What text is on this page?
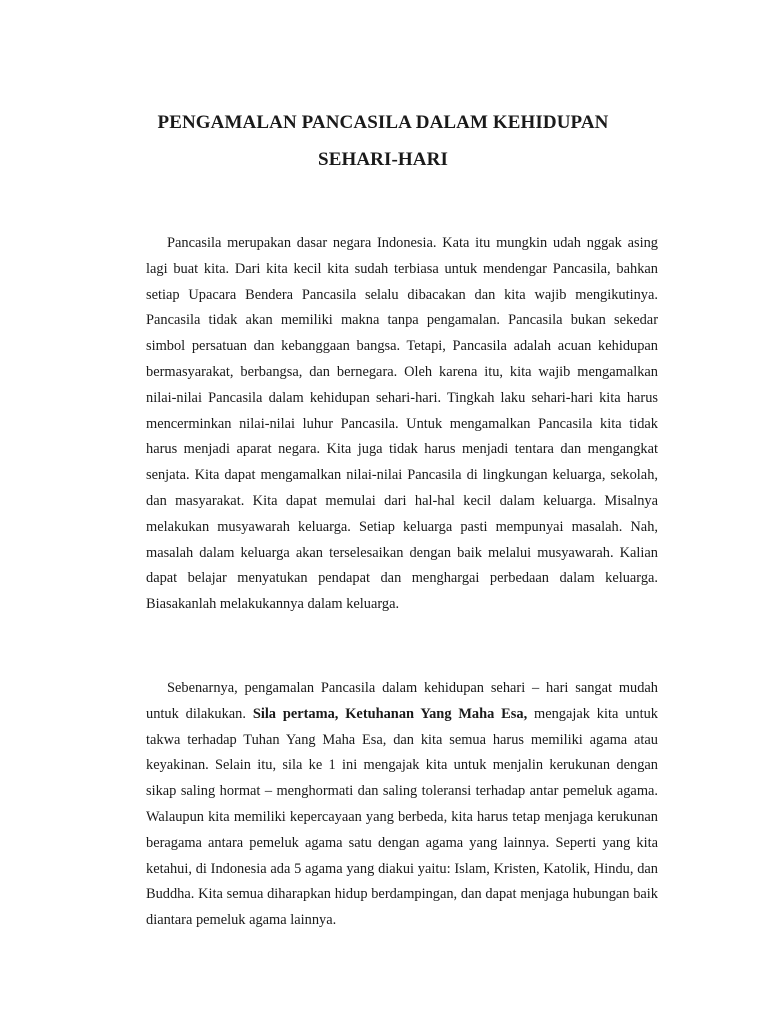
PENGAMALAN PANCASILA DALAM KEHIDUPAN
SEHARI-HARI

Pancasila merupakan dasar negara Indonesia. Kata itu mungkin udah nggak asing lagi buat kita. Dari kita kecil kita sudah terbiasa untuk mendengar Pancasila, bahkan setiap Upacara Bendera Pancasila selalu dibacakan dan kita wajib mengikutinya. Pancasila tidak akan memiliki makna tanpa pengamalan. Pancasila bukan sekedar simbol persatuan dan kebanggaan bangsa. Tetapi, Pancasila adalah acuan kehidupan bermasyarakat, berbangsa, dan bernegara. Oleh karena itu, kita wajib mengamalkan nilai-nilai Pancasila dalam kehidupan sehari-hari. Tingkah laku sehari-hari kita harus mencerminkan nilai-nilai luhur Pancasila. Untuk mengamalkan Pancasila kita tidak harus menjadi aparat negara. Kita juga tidak harus menjadi tentara dan mengangkat senjata. Kita dapat mengamalkan nilai-nilai Pancasila di lingkungan keluarga, sekolah, dan masyarakat. Kita dapat memulai dari hal-hal kecil dalam keluarga. Misalnya melakukan musyawarah keluarga. Setiap keluarga pasti mempunyai masalah. Nah, masalah dalam keluarga akan terselesaikan dengan baik melalui musyawarah. Kalian dapat belajar menyatukan pendapat dan menghargai perbedaan dalam keluarga. Biasakanlah melakukannya dalam keluarga.

Sebenarnya, pengamalan Pancasila dalam kehidupan sehari – hari sangat mudah untuk dilakukan. Sila pertama, Ketuhanan Yang Maha Esa, mengajak kita untuk takwa terhadap Tuhan Yang Maha Esa, dan kita semua harus memiliki agama atau keyakinan. Selain itu, sila ke 1 ini mengajak kita untuk menjalin kerukunan dengan sikap saling hormat – menghormati dan saling toleransi terhadap antar pemeluk agama. Walaupun kita memiliki kepercayaan yang berbeda, kita harus tetap menjaga kerukunan beragama antara pemeluk agama satu dengan agama yang lainnya. Seperti yang kita ketahui, di Indonesia ada 5 agama yang diakui yaitu: Islam, Kristen, Katolik, Hindu, dan Buddha. Kita semua diharapkan hidup berdampingan, dan dapat menjaga hubungan baik diantara pemeluk agama lainnya.
